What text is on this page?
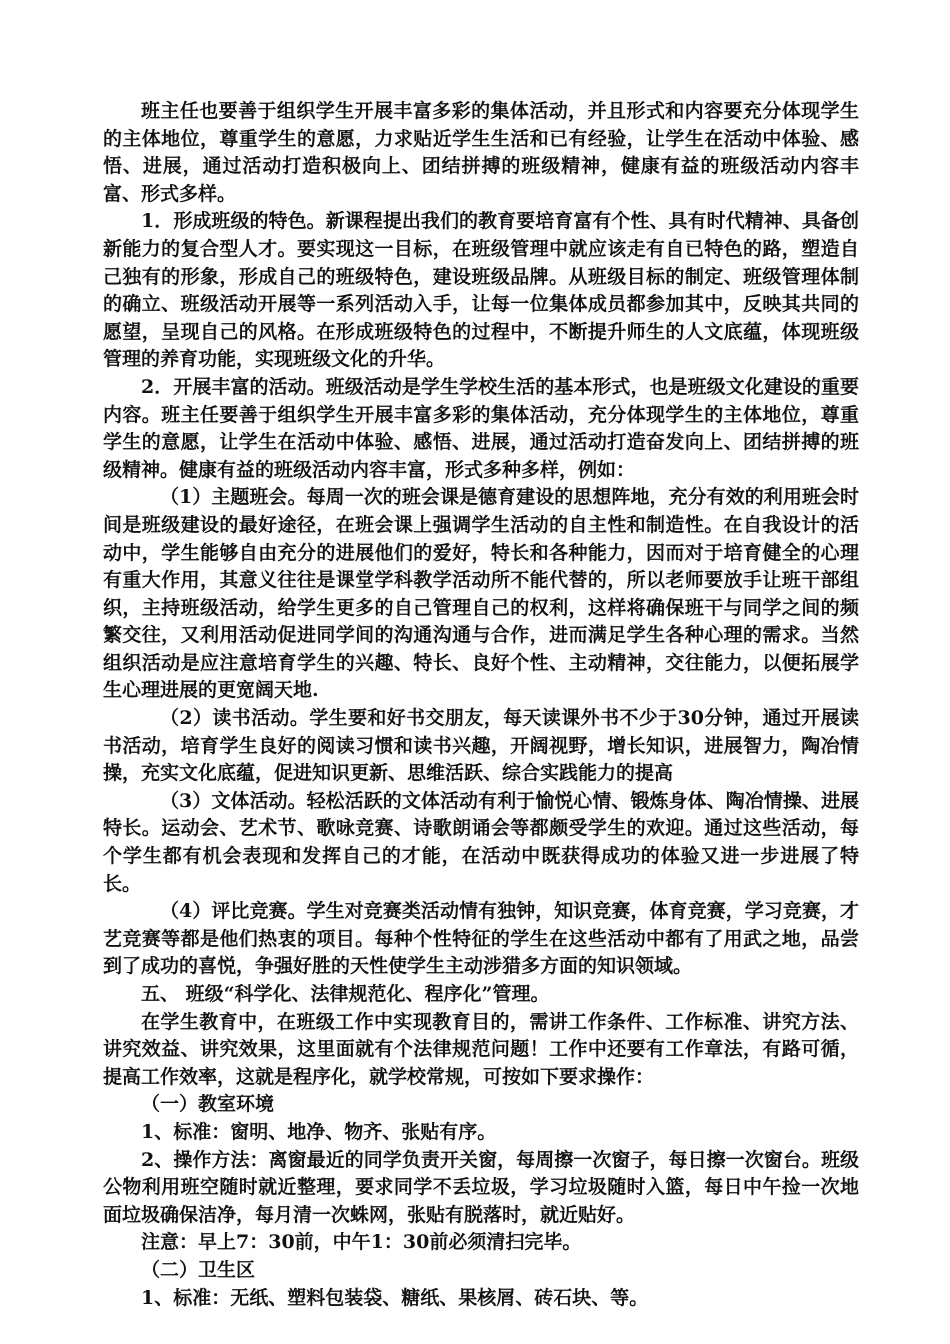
班主任也要善于组织学生开展丰富多彩的集体活动，并且形式和内容要充分体现学生的主体地位，尊重学生的意愿，力求贴近学生生活和已有经验，让学生在活动中体验、感悟、进展，通过活动打造积极向上、团结拼搏的班级精神，健康有益的班级活动内容丰富、形式多样。

1．形成班级的特色。新课程提出我们的教育要培育富有个性、具有时代精神、具备创新能力的复合型人才。要实现这一目标，在班级管理中就应该走有自已特色的路，塑造自己独有的形象，形成自己的班级特色，建设班级品牌。从班级目标的制定、班级管理体制的确立、班级活动开展等一系列活动入手，让每一位集体成员都参加其中，反映其共同的愿望，呈现自己的风格。在形成班级特色的过程中，不断提升师生的人文底蕴，体现班级管理的养育功能，实现班级文化的升华。

2．开展丰富的活动。班级活动是学生学校生活的基本形式，也是班级文化建设的重要内容。班主任要善于组织学生开展丰富多彩的集体活动，充分体现学生的主体地位，尊重学生的意愿，让学生在活动中体验、感悟、进展，通过活动打造奋发向上、团结拼搏的班级精神。健康有益的班级活动内容丰富，形式多种多样，例如：

（1）主题班会。每周一次的班会课是德育建设的思想阵地，充分有效的利用班会时间是班级建设的最好途径，在班会课上强调学生活动的自主性和制造性。在自我设计的活动中，学生能够自由充分的进展他们的爱好，特长和各种能力，因而对于培育健全的心理有重大作用，其意义往往是课堂学科教学活动所不能代替的，所以老师要放手让班干部组织，主持班级活动，给学生更多的自己管理自己的权利，这样将确保班干与同学之间的频繁交往，又利用活动促进同学间的沟通沟通与合作，进而满足学生各种心理的需求。当然组织活动是应注意培育学生的兴趣、特长、良好个性、主动精神，交往能力，以便拓展学生心理进展的更宽阔天地.

（2）读书活动。学生要和好书交朋友，每天读课外书不少于30分钟，通过开展读书活动，培育学生良好的阅读习惯和读书兴趣，开阔视野，增长知识，进展智力，陶冶情操，充实文化底蕴，促进知识更新、思维活跃、综合实践能力的提高

（3）文体活动。轻松活跃的文体活动有利于愉悦心情、锻炼身体、陶冶情操、进展特长。运动会、艺术节、歌咏竞赛、诗歌朗诵会等都颇受学生的欢迎。通过这些活动，每个学生都有机会表现和发挥自己的才能，在活动中既获得成功的体验又进一步进展了特长。

（4）评比竞赛。学生对竞赛类活动情有独钟，知识竞赛，体育竞赛，学习竞赛，才艺竞赛等都是他们热衷的项目。每种个性特征的学生在这些活动中都有了用武之地，品尝到了成功的喜悦，争强好胜的天性使学生主动涉猎多方面的知识领域。

五、 班级“科学化、法律规范化、程序化”管理。

在学生教育中，在班级工作中实现教育目的，需讲工作条件、工作标准、讲究方法、讲究效益、讲究效果，这里面就有个法律规范问题！工作中还要有工作章法，有路可循，提高工作效率，这就是程序化，就学校常规，可按如下要求操作：

（一）教室环境

1、标准：窗明、地净、物齐、张贴有序。

2、操作方法：离窗最近的同学负责开关窗，每周擦一次窗子，每日擦一次窗台。班级公物利用班空随时就近整理，要求同学不丢垃圾，学习垃圾随时入篮，每日中午捡一次地面垃圾确保洁净，每月清一次蛛网，张贴有脱落时，就近贴好。

注意：早上7：30前，中午1：30前必须清扫完毕。

（二）卫生区

1、标准：无纸、塑料包装袋、糖纸、果核屑、砖石块、等。
